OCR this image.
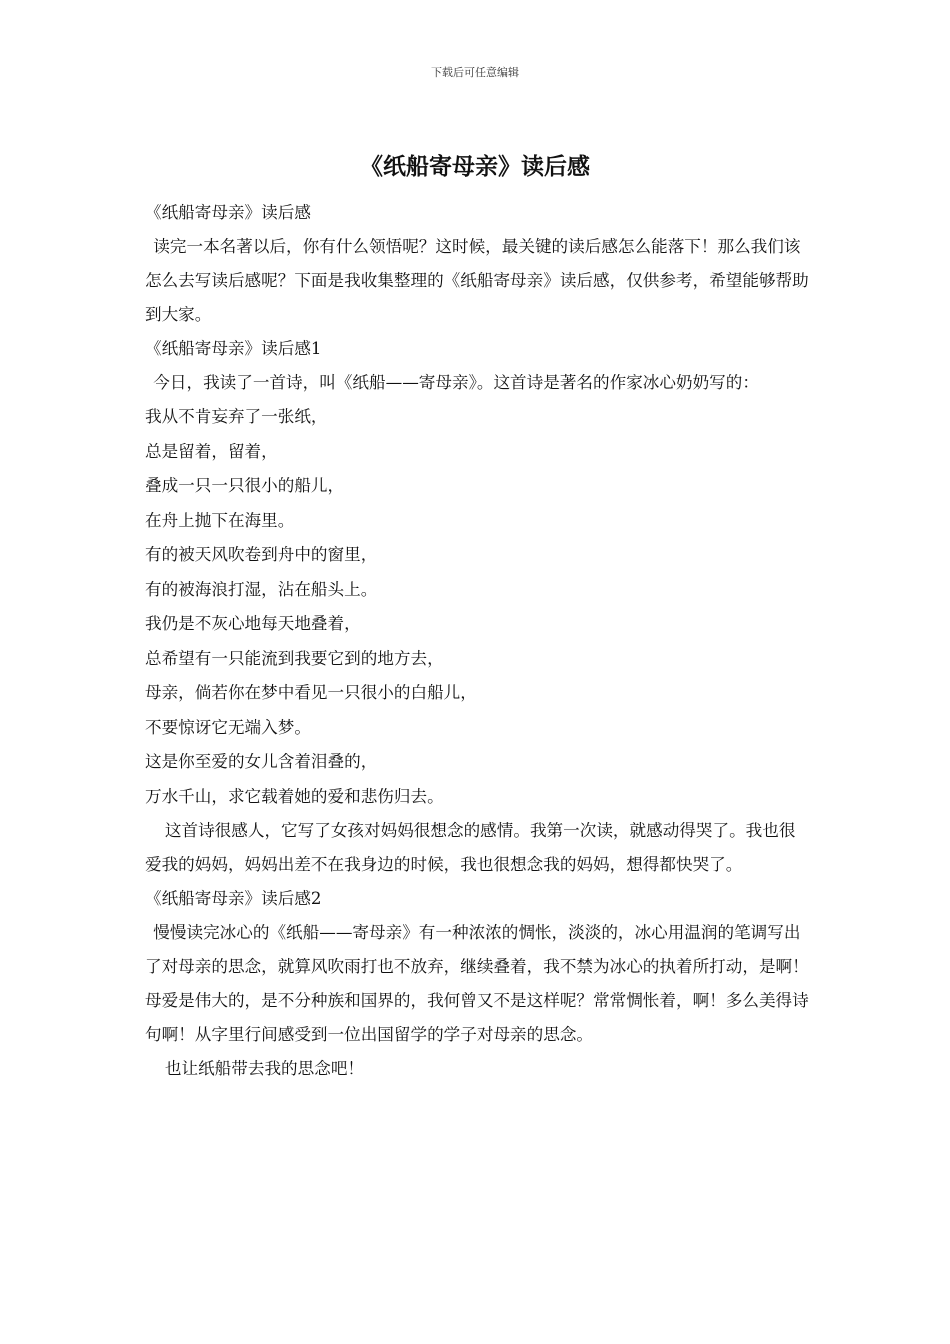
下载后可任意编辑
《纸船寄母亲》读后感

《纸船寄母亲》读后感

读完一本名著以后，你有什么领悟呢？这时候，最关键的读后感怎么能落下！那么我们该怎么去写读后感呢？下面是我收集整理的《纸船寄母亲》读后感，仅供参考，希望能够帮助到大家。

《纸船寄母亲》读后感1

今日，我读了一首诗，叫《纸船——寄母亲》。这首诗是著名的作家冰心奶奶写的：

我从不肯妄弃了一张纸，

总是留着，留着，

叠成一只一只很小的船儿，

在舟上抛下在海里。

有的被天风吹卷到舟中的窗里，

有的被海浪打湿，沾在船头上。

我仍是不灰心地每天地叠着，

总希望有一只能流到我要它到的地方去，

母亲，倘若你在梦中看见一只很小的白船儿，

不要惊讶它无端入梦。

这是你至爱的女儿含着泪叠的，

万水千山，求它载着她的爱和悲伤归去。

这首诗很感人，它写了女孩对妈妈很想念的感情。我第一次读，就感动得哭了。我也很爱我的妈妈，妈妈出差不在我身边的时候，我也很想念我的妈妈，想得都快哭了。

《纸船寄母亲》读后感2

慢慢读完冰心的《纸船——寄母亲》有一种浓浓的惆怅，淡淡的，冰心用温润的笔调写出了对母亲的思念，就算风吹雨打也不放弃，继续叠着，我不禁为冰心的执着所打动，是啊！母爱是伟大的，是不分种族和国界的，我何曾又不是这样呢？常常惆怅着，啊！多么美得诗句啊！从字里行间感受到一位出国留学的学子对母亲的思念。

也让纸船带去我的思念吧！
